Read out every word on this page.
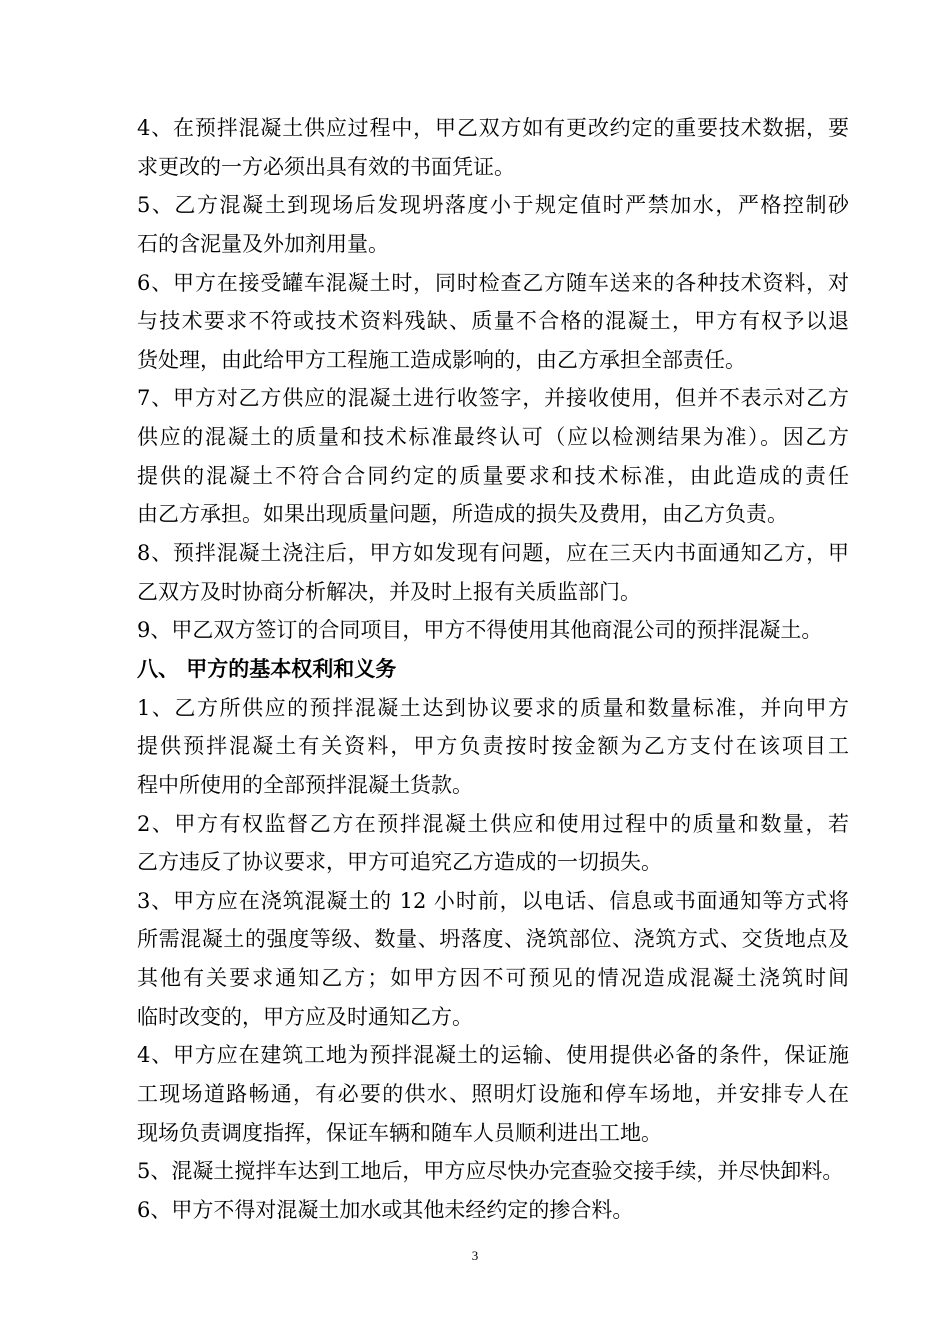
4、在预拌混凝土供应过程中，甲乙双方如有更改约定的重要技术数据，要
求更改的一方必须出具有效的书面凭证。
5、乙方混凝土到现场后发现坍落度小于规定值时严禁加水，严格控制砂
石的含泥量及外加剂用量。
6、甲方在接受罐车混凝土时，同时检查乙方随车送来的各种技术资料，对
与技术要求不符或技术资料残缺、质量不合格的混凝土，甲方有权予以退
货处理，由此给甲方工程施工造成影响的，由乙方承担全部责任。
7、甲方对乙方供应的混凝土进行收签字，并接收使用，但并不表示对乙方
供应的混凝土的质量和技术标准最终认可（应以检测结果为准）。因乙方
提供的混凝土不符合合同约定的质量要求和技术标准，由此造成的责任
由乙方承担。如果出现质量问题，所造成的损失及费用，由乙方负责。
8、预拌混凝土浇注后，甲方如发现有问题，应在三天内书面通知乙方，甲
乙双方及时协商分析解决，并及时上报有关质监部门。
9、甲乙双方签订的合同项目，甲方不得使用其他商混公司的预拌混凝土。
八、 甲方的基本权利和义务
1、乙方所供应的预拌混凝土达到协议要求的质量和数量标准，并向甲方
提供预拌混凝土有关资料，甲方负责按时按金额为乙方支付在该项目工
程中所使用的全部预拌混凝土货款。
2、甲方有权监督乙方在预拌混凝土供应和使用过程中的质量和数量，若
乙方违反了协议要求，甲方可追究乙方造成的一切损失。
3、甲方应在浇筑混凝土的 12 小时前，以电话、信息或书面通知等方式将
所需混凝土的强度等级、数量、坍落度、浇筑部位、浇筑方式、交货地点及
其他有关要求通知乙方；如甲方因不可预见的情况造成混凝土浇筑时间
临时改变的，甲方应及时通知乙方。
4、甲方应在建筑工地为预拌混凝土的运输、使用提供必备的条件，保证施
工现场道路畅通，有必要的供水、照明灯设施和停车场地，并安排专人在
现场负责调度指挥，保证车辆和随车人员顺利进出工地。
5、混凝土搅拌车达到工地后，甲方应尽快办完查验交接手续，并尽快卸料。
6、甲方不得对混凝土加水或其他未经约定的掺合料。
3
